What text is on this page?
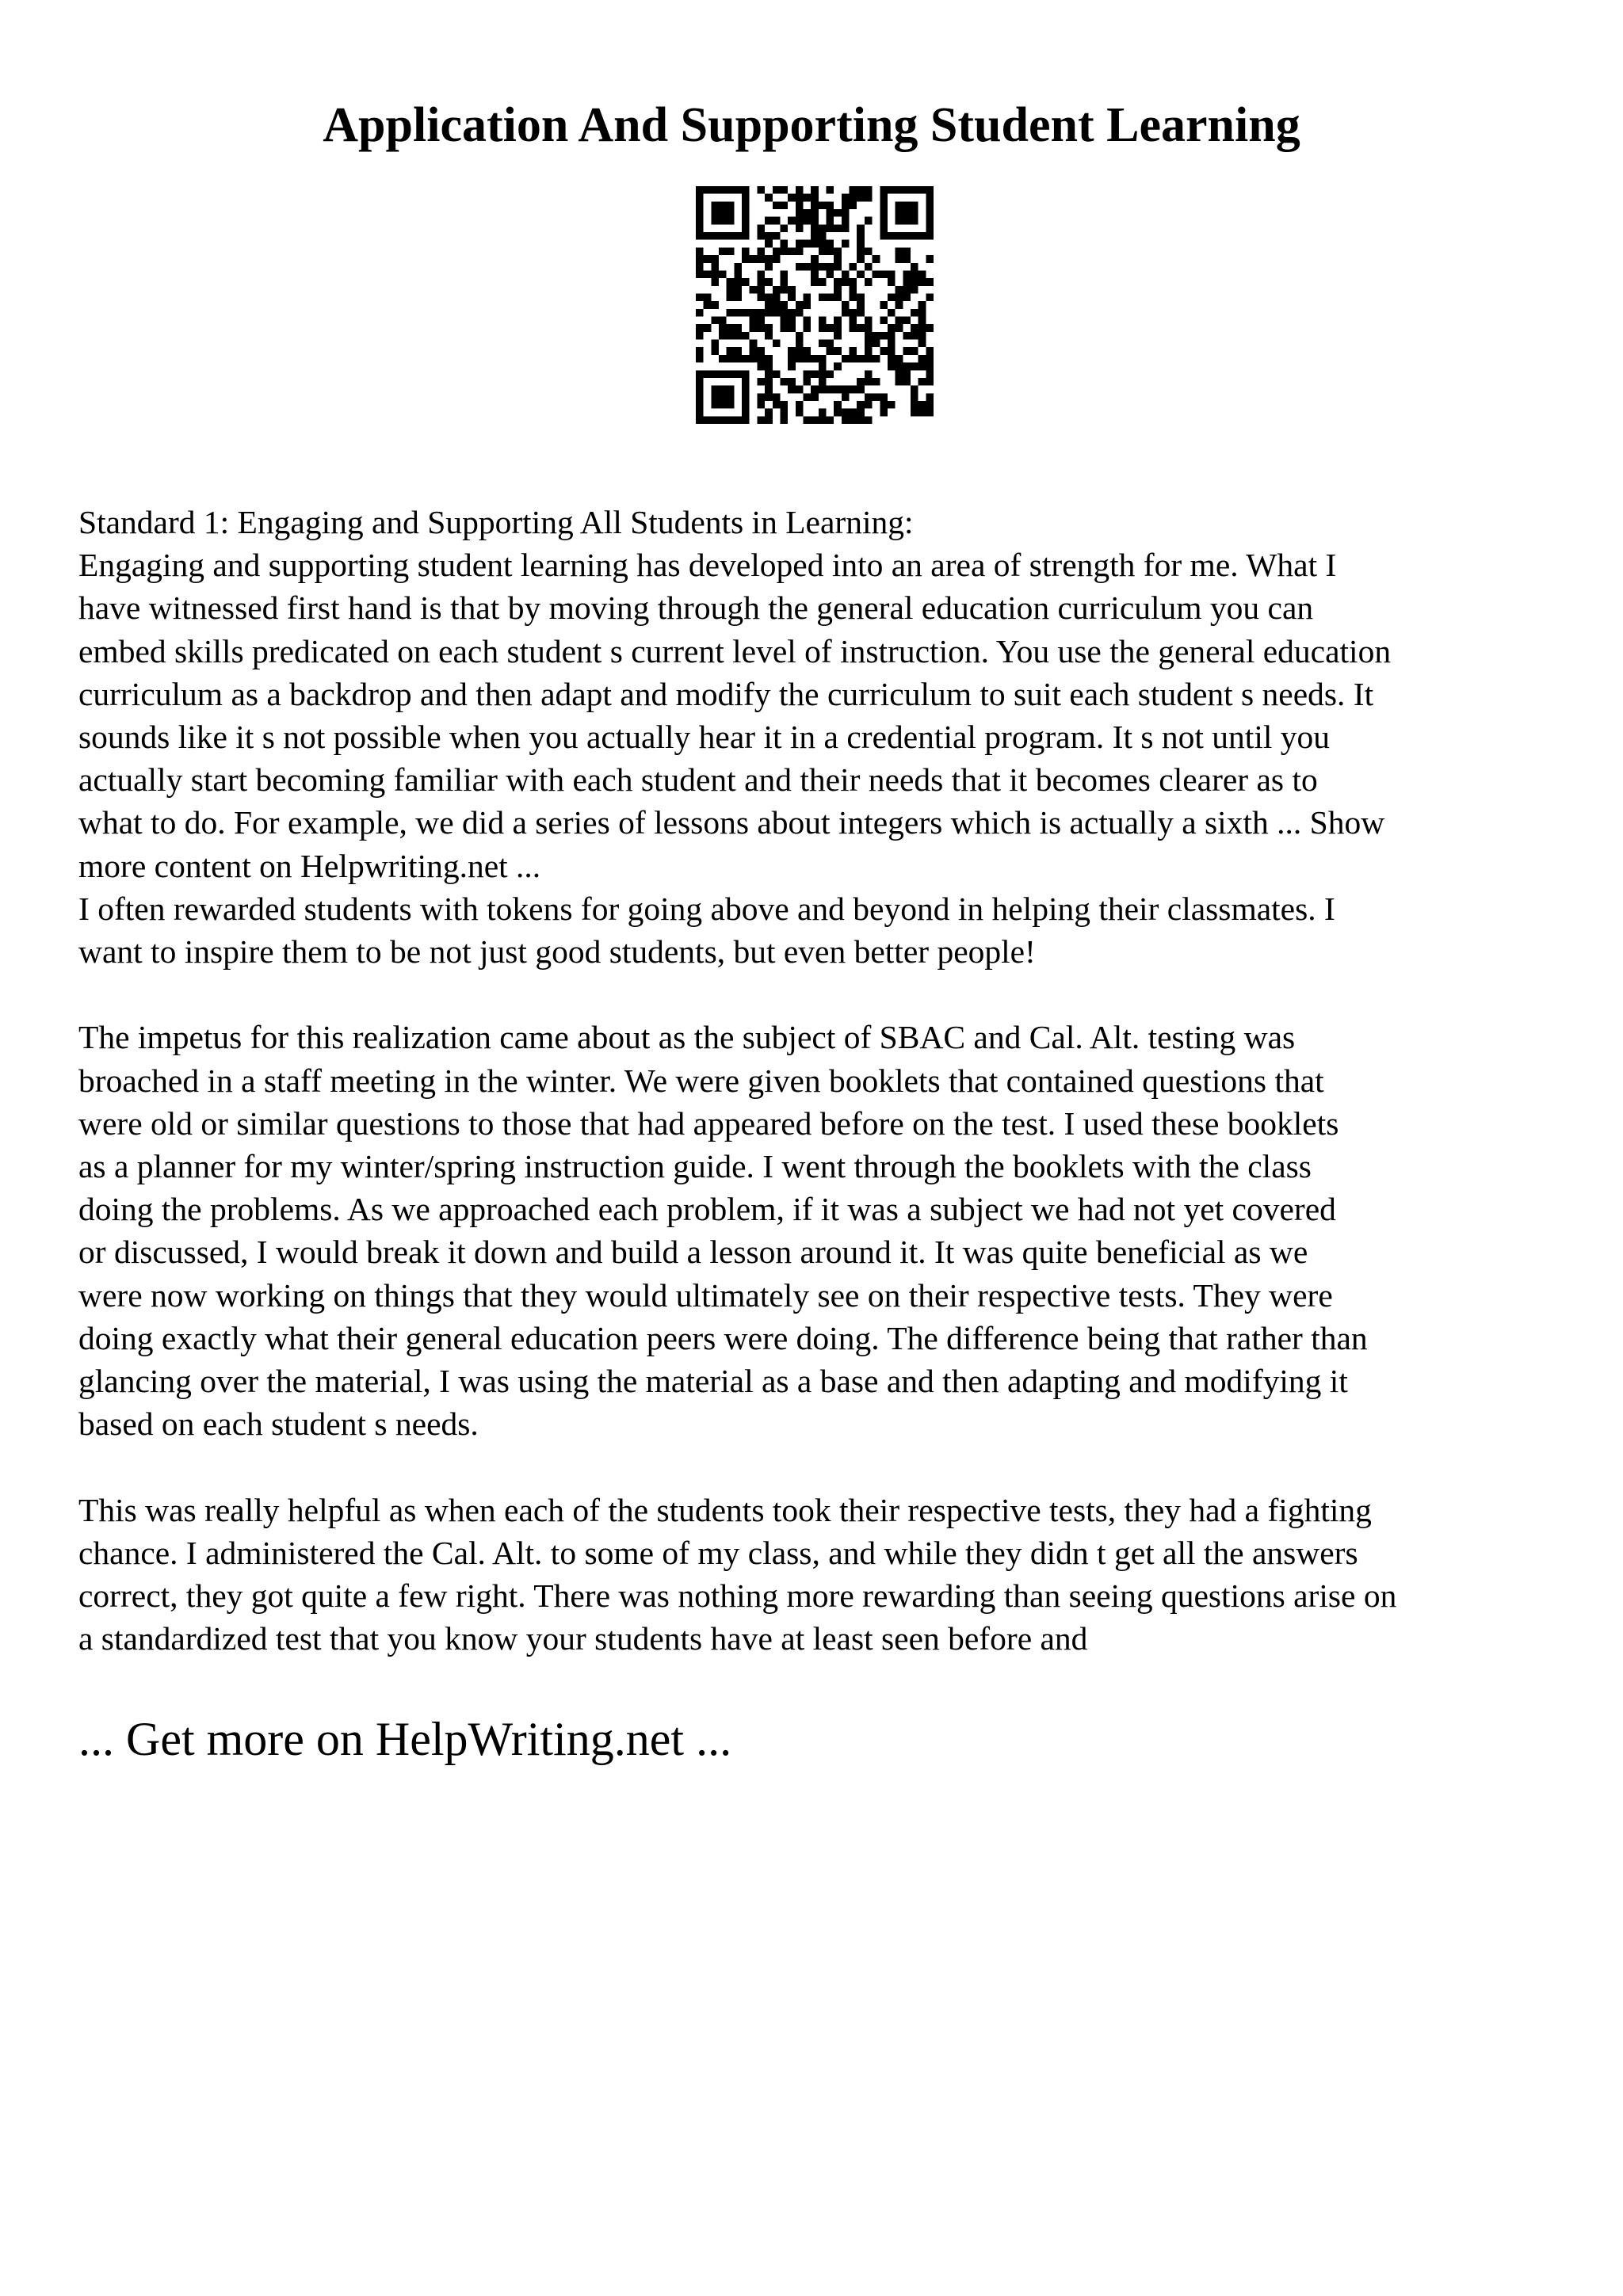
Application And Supporting Student Learning
Standard 1: Engaging and Supporting All Students in Learning:
Engaging and supporting student learning has developed into an area of strength for me. What I
have witnessed first hand is that by moving through the general education curriculum you can
embed skills predicated on each student s current level of instruction. You use the general education
curriculum as a backdrop and then adapt and modify the curriculum to suit each student s needs. It
sounds like it s not possible when you actually hear it in a credential program. It s not until you
actually start becoming familiar with each student and their needs that it becomes clearer as to
what to do. For example, we did a series of lessons about integers which is actually a sixth ... Show
more content on Helpwriting.net ...
I often rewarded students with tokens for going above and beyond in helping their classmates. I
want to inspire them to be not just good students, but even better people!
The impetus for this realization came about as the subject of SBAC and Cal. Alt. testing was
broached in a staff meeting in the winter. We were given booklets that contained questions that
were old or similar questions to those that had appeared before on the test. I used these booklets
as a planner for my winter/spring instruction guide. I went through the booklets with the class
doing the problems. As we approached each problem, if it was a subject we had not yet covered
or discussed, I would break it down and build a lesson around it. It was quite beneficial as we
were now working on things that they would ultimately see on their respective tests. They were
doing exactly what their general education peers were doing. The difference being that rather than
glancing over the material, I was using the material as a base and then adapting and modifying it
based on each student s needs.
This was really helpful as when each of the students took their respective tests, they had a fighting
chance. I administered the Cal. Alt. to some of my class, and while they didn t get all the answers
correct, they got quite a few right. There was nothing more rewarding than seeing questions arise on
a standardized test that you know your students have at least seen before and
... Get more on HelpWriting.net ...
